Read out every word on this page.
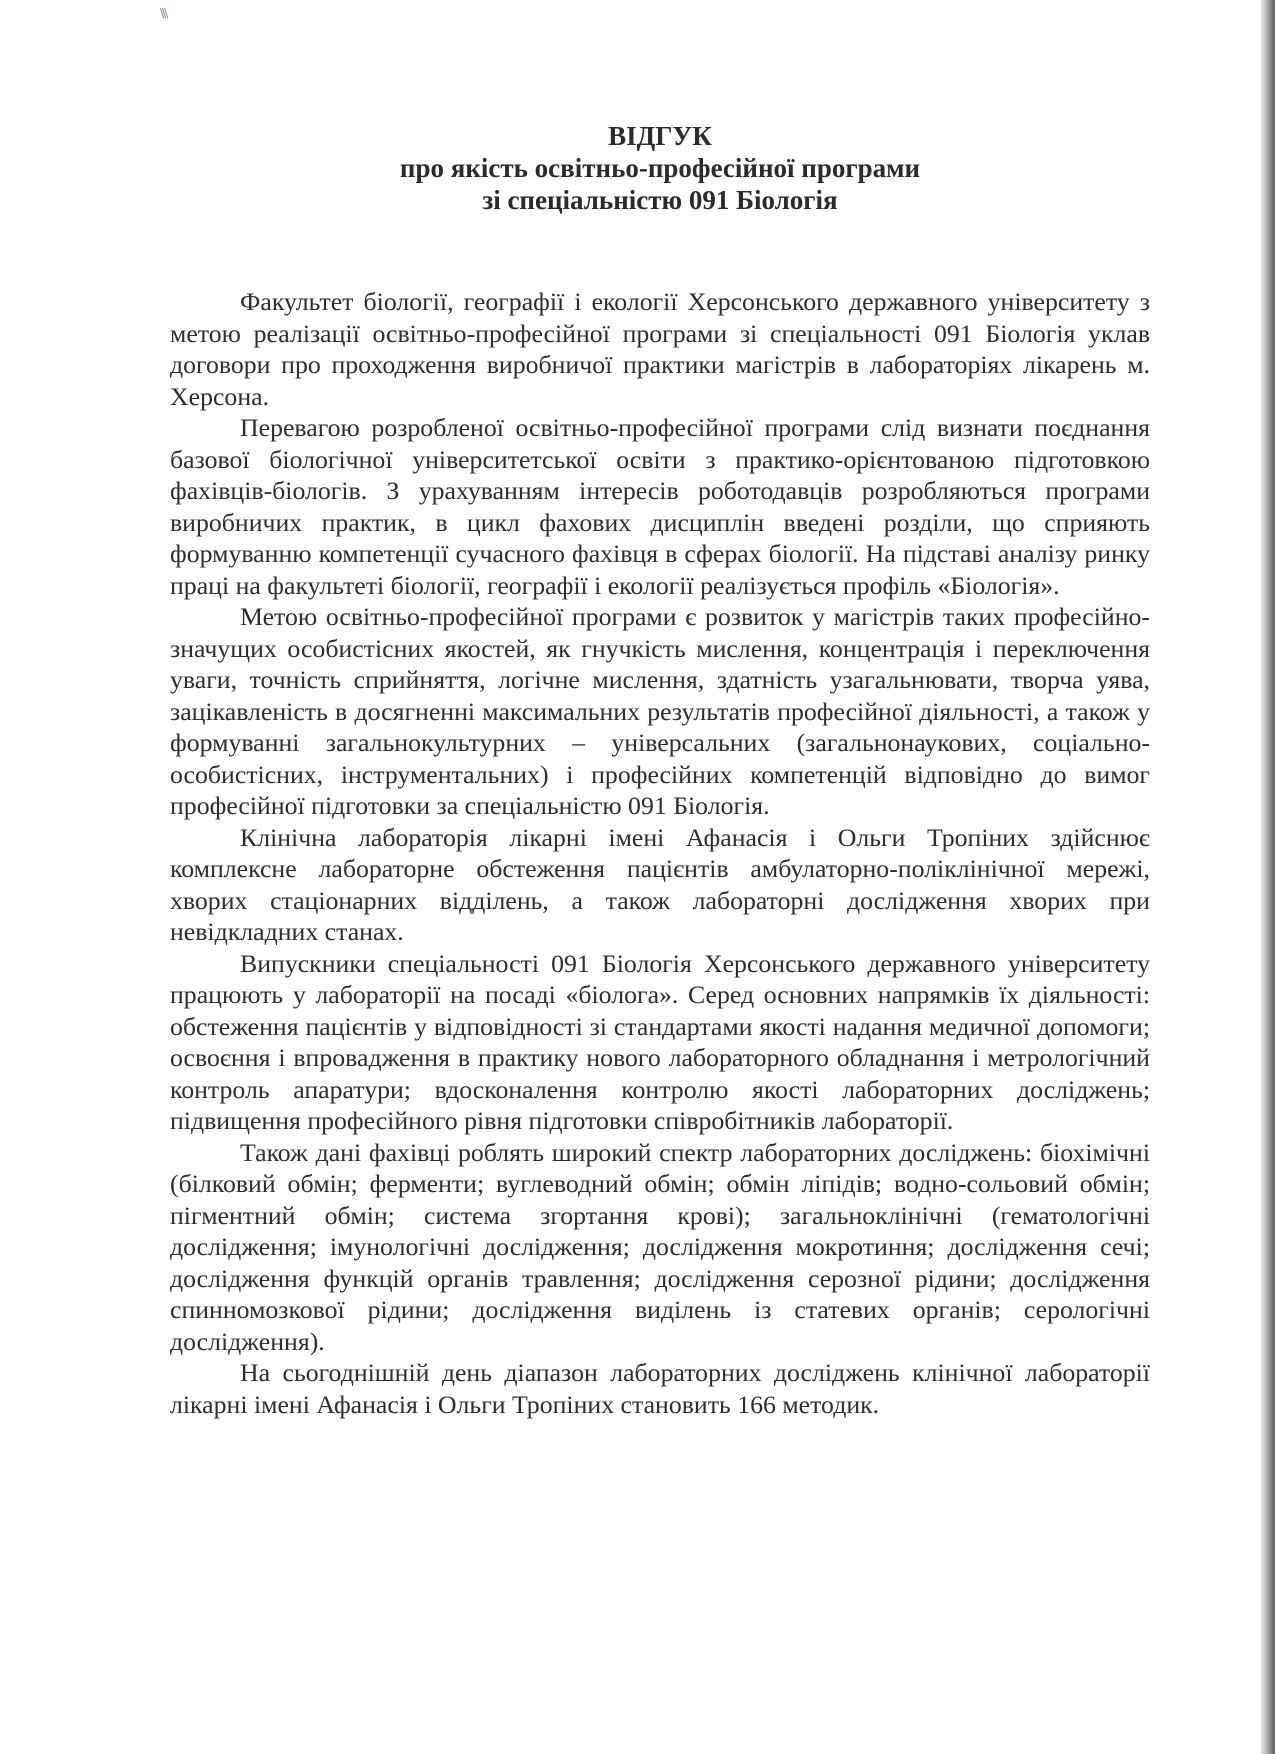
\\\
ВІДГУК
про якість освітньо-професійної програми
зі спеціальністю 091 Біологія

Факультет біології, географії і екології Херсонського державного університету з метою реалізації освітньо-професійної програми зі спеціальності 091 Біологія уклав договори про проходження виробничої практики магістрів в лабораторіях лікарень м. Херсона.

Перевагою розробленої освітньо-професійної програми слід визнати поєднання базової біологічної університетської освіти з практико-орієнтованою підготовкою фахівців-біологів. З урахуванням інтересів роботодавців розробляються програми виробничих практик, в цикл фахових дисциплін введені розділи, що сприяють формуванню компетенції сучасного фахівця в сферах біології. На підставі аналізу ринку праці на факультеті біології, географії і екології реалізується профіль «Біологія».

Метою освітньо-професійної програми є розвиток у магістрів таких професійно-значущих особистісних якостей, як гнучкість мислення, концентрація і переключення уваги, точність сприйняття, логічне мислення, здатність узагальнювати, творча уява, зацікавленість в досягненні максимальних результатів професійної діяльності, а також у формуванні загальнокультурних – універсальних (загальнонаукових, соціально-особистісних, інструментальних) і професійних компетенцій відповідно до вимог професійної підготовки за спеціальністю 091 Біологія.

Клінічна лабораторія лікарні імені Афанасія і Ольги Тропіних здійснює комплексне лабораторне обстеження пацієнтів амбулаторно-поліклінічної мережі, хворих стаціонарних відділень, а також лабораторні дослідження хворих при невідкладних станах.

Випускники спеціальності 091 Біологія Херсонського державного університету працюють у лабораторії на посаді «біолога». Серед основних напрямків їх діяльності: обстеження пацієнтів у відповідності зі стандартами якості надання медичної допомоги; освоєння і впровадження в практику нового лабораторного обладнання і метрологічний контроль апаратури; вдосконалення контролю якості лабораторних досліджень; підвищення професійного рівня підготовки співробітників лабораторії.

Також дані фахівці роблять широкий спектр лабораторних досліджень: біохімічні (білковий обмін; ферменти; вуглеводний обмін; обмін ліпідів; водно-сольовий обмін; пігментний обмін; система згортання крові); загальноклінічні (гематологічні дослідження; імунологічні дослідження; дослідження мокротиння; дослідження сечі; дослідження функцій органів травлення; дослідження серозної рідини; дослідження спинномозкової рідини; дослідження виділень із статевих органів; серологічні дослідження).

На сьогоднішній день діапазон лабораторних досліджень клінічної лабораторії лікарні імені Афанасія і Ольги Тропіних становить 166 методик.
